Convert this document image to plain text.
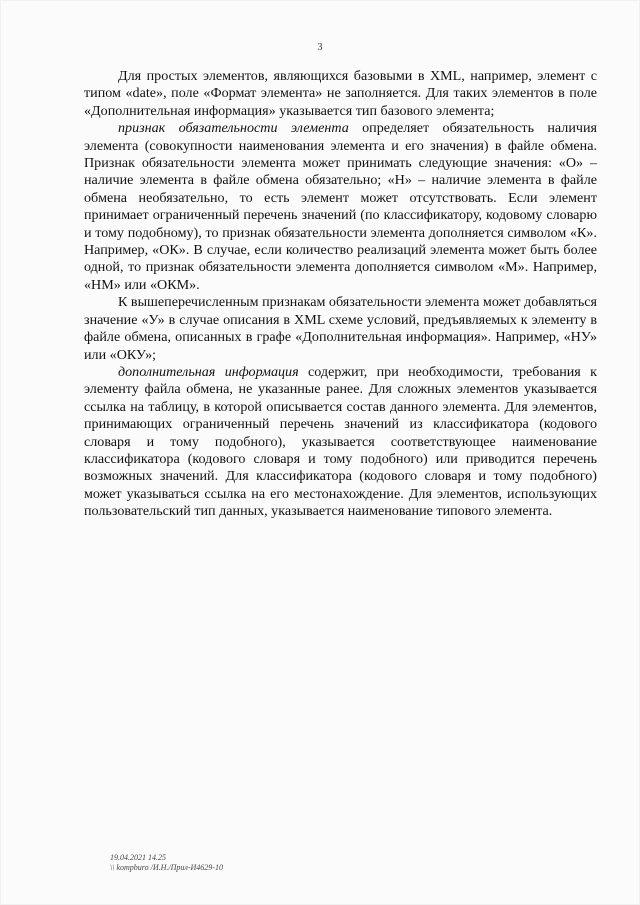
3

Для простых элементов, являющихся базовыми в XML, например, элемент с типом «date», поле «Формат элемента» не заполняется. Для таких элементов в поле «Дополнительная информация» указывается тип базового элемента;

признак обязательности элемента определяет обязательность наличия элемента (совокупности наименования элемента и его значения) в файле обмена. Признак обязательности элемента может принимать следующие значения: «О» – наличие элемента в файле обмена обязательно; «Н» – наличие элемента в файле обмена необязательно, то есть элемент может отсутствовать. Если элемент принимает ограниченный перечень значений (по классификатору, кодовому словарю и тому подобному), то признак обязательности элемента дополняется символом «К». Например, «ОК». В случае, если количество реализаций элемента может быть более одной, то признак обязательности элемента дополняется символом «М». Например, «НМ» или «ОКМ».

К вышеперечисленным признакам обязательности элемента может добавляться значение «У» в случае описания в XML схеме условий, предъявляемых к элементу в файле обмена, описанных в графе «Дополнительная информация». Например, «НУ» или «ОКУ»;

дополнительная информация содержит, при необходимости, требования к элементу файла обмена, не указанные ранее. Для сложных элементов указывается ссылка на таблицу, в которой описывается состав данного элемента. Для элементов, принимающих ограниченный перечень значений из классификатора (кодового словаря и тому подобного), указывается соответствующее наименование классификатора (кодового словаря и тому подобного) или приводится перечень возможных значений. Для классификатора (кодового словаря и тому подобного) может указываться ссылка на его местонахождение. Для элементов, использующих пользовательский тип данных, указывается наименование типового элемента.

19.04.2021 14.25
\\ kompburo /И.Н./Прил-И4629-10
